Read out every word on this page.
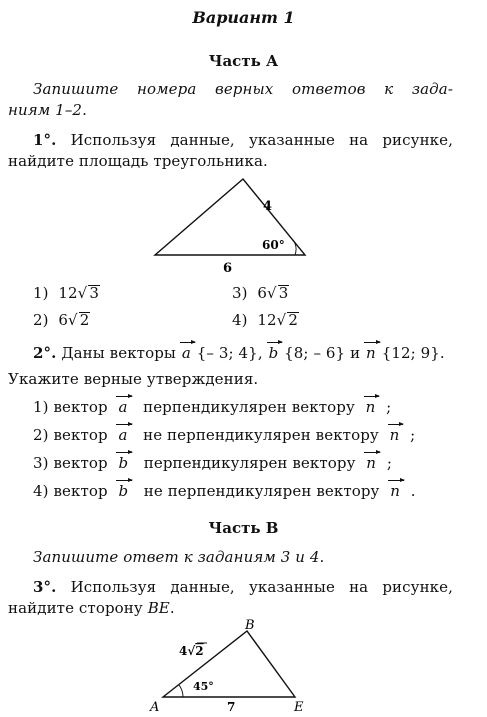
Вариант 1
Часть А
Запишите номера верных ответов к зада-
ниям 1–2.
1°. Используя данные, указанные на рисунке,
найдите площадь треугольника.
4
60°
6
1) 12√ 3	3) 6√ 3
2) 6√ 2	4) 12√ 2
2°. Даны векторы a {– 3; 4}, b {8; – 6} и n {12; 9}.
Укажите верные утверждения.
1) вектор a перпендикулярен вектору n ;
2) вектор a не перпендикулярен вектору n ;
3) вектор b перпендикулярен вектору n ;
4) вектор b не перпендикулярен вектору n .
Часть В
Запишите ответ к заданиям 3 и 4.
3°. Используя данные, указанные на рисунке,
найдите сторону BE.
4√2
45°
7
A
B
E
